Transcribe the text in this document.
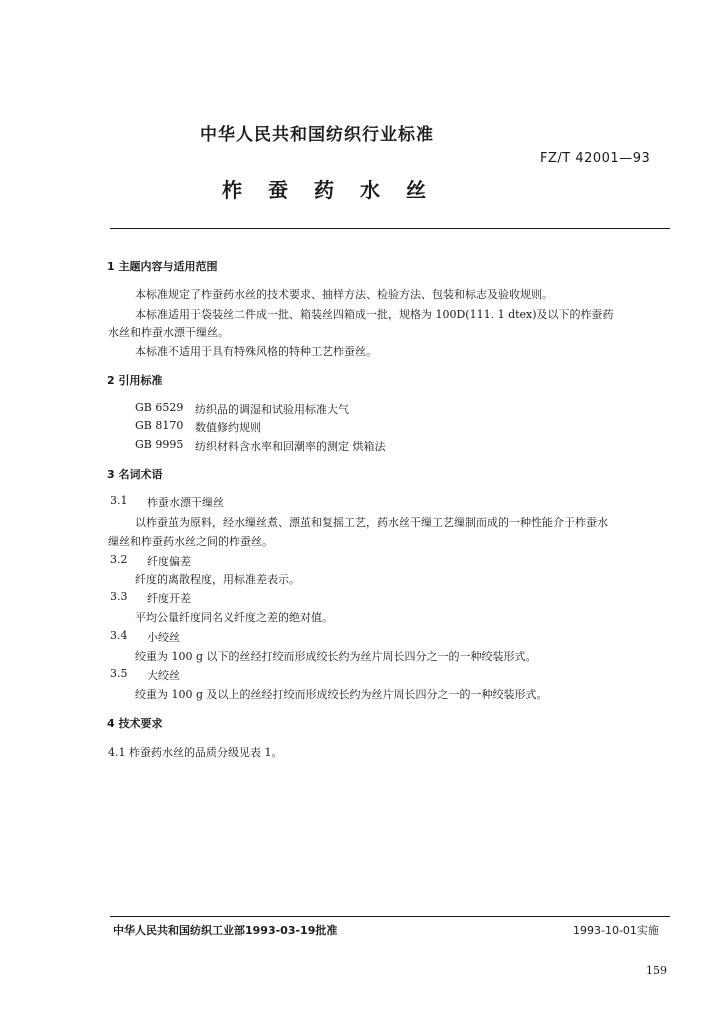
中华人民共和国纺织行业标准
FZ/T 42001—93
柞蚕药水丝
1 主题内容与适用范围
本标准规定了柞蚕药水丝的技术要求、抽样方法、检验方法、包装和标志及验收规则。
本标准适用于袋装丝二件成一批、箱装丝四箱成一批，规格为 100D(111. 1 dtex)及以下的柞蚕药
水丝和柞蚕水漂干缫丝。
本标准不适用于具有特殊风格的特种工艺柞蚕丝。
2 引用标准
GB 6529 纺织品的调湿和试验用标准大气
GB 8170 数值修约规则
GB 9995 纺织材料含水率和回潮率的测定 烘箱法
3 名词术语
3.1 柞蚕水漂干缫丝
以柞蚕茧为原料，经水缫丝煮、漂茧和复摇工艺，药水丝干缫工艺缫制而成的一种性能介于柞蚕水
缫丝和柞蚕药水丝之间的柞蚕丝。
3.2 纤度偏差
纤度的离散程度，用标准差表示。
3.3 纤度开差
平均公量纤度同名义纤度之差的绝对值。
3.4 小绞丝
绞重为 100 g 以下的丝经打绞而形成绞长约为丝片周长四分之一的一种绞装形式。
3.5 大绞丝
绞重为 100 g 及以上的丝经打绞而形成绞长约为丝片周长四分之一的一种绞装形式。
4 技术要求
4.1 柞蚕药水丝的品质分级见表 1。
中华人民共和国纺织工业部1993-03-19批准	1993-10-01实施
159
